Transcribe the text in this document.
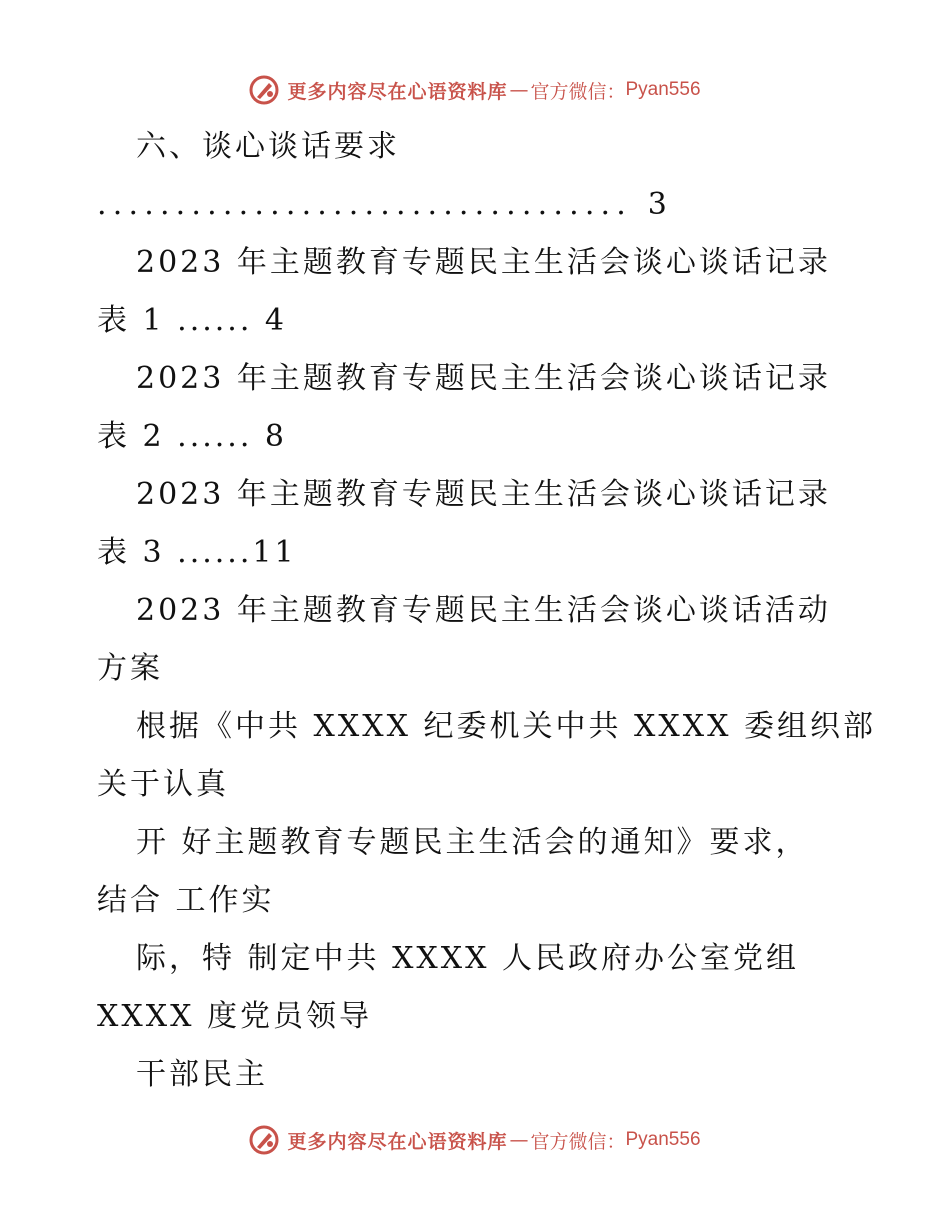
更多内容尽在心语资料库 — 官方微信： Pyan556
六、谈心谈话要求
.................................. 3
2023 年主题教育专题民主生活会谈心谈话记录
表 1 ...... 4
2023 年主题教育专题民主生活会谈心谈话记录
表 2 ...... 8
2023 年主题教育专题民主生活会谈心谈话记录
表 3 ......11
2023 年主题教育专题民主生活会谈心谈话活动
方案
根据《中共 XXXX 纪委机关中共 XXXX 委组织部
关于认真
开 好主题教育专题民主生活会的通知》要求，
结合 工作实
际，特 制定中共 XXXX 人民政府办公室党组
XXXX 度党员领导
干部民主
更多内容尽在心语资料库 — 官方微信： Pyan556
